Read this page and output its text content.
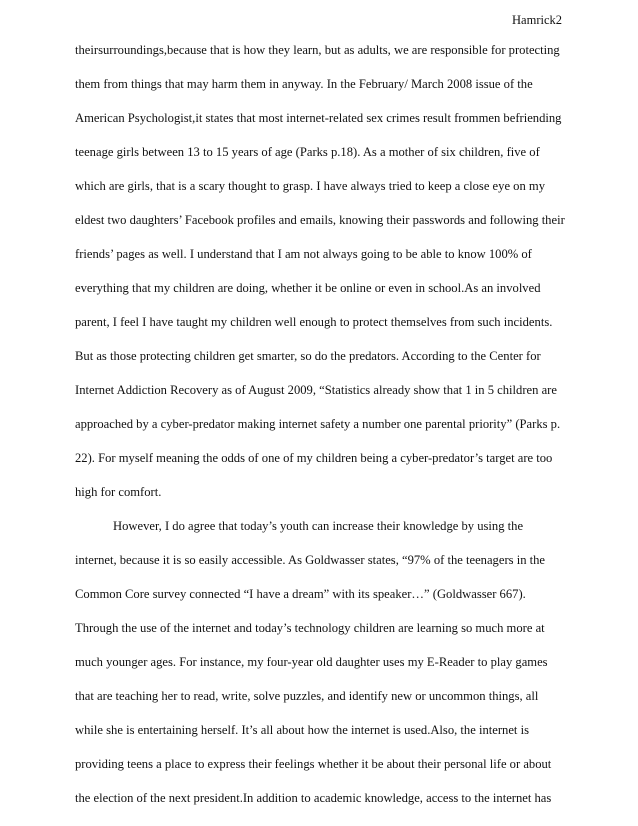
Hamrick2
theirsurroundings,because that is how they learn, but as adults, we are responsible for protecting
them from things that may harm them in anyway. In the February/ March 2008 issue of the
American Psychologist,it states that most internet-related sex crimes result frommen befriending
teenage girls between 13 to 15 years of age (Parks p.18). As a mother of six children, five of
which are girls, that is a scary thought to grasp. I have always tried to keep a close eye on my
eldest two daughters’ Facebook profiles and emails, knowing their passwords and following their
friends’ pages as well. I understand that I am not always going to be able to know 100% of
everything that my children are doing, whether it be online or even in school.As an involved
parent, I feel I have taught my children well enough to protect themselves from such incidents.
But as those protecting children get smarter, so do the predators. According to the Center for
Internet Addiction Recovery as of August 2009, “Statistics already show that 1 in 5 children are
approached by a cyber-predator making internet safety a number one parental priority” (Parks p.
22). For myself meaning the odds of one of my children being a cyber-predator’s target are too
high for comfort.
However, I do agree that today’s youth can increase their knowledge by using the
internet, because it is so easily accessible. As Goldwasser states, “97% of the teenagers in the
Common Core survey connected “I have a dream” with its speaker…” (Goldwasser 667).
Through the use of the internet and today’s technology children are learning so much more at
much younger ages. For instance, my four-year old daughter uses my E-Reader to play games
that are teaching her to read, write, solve puzzles, and identify new or uncommon things, all
while she is entertaining herself. It’s all about how the internet is used.Also, the internet is
providing teens a place to express their feelings whether it be about their personal life or about
the election of the next president.In addition to academic knowledge, access to the internet has
